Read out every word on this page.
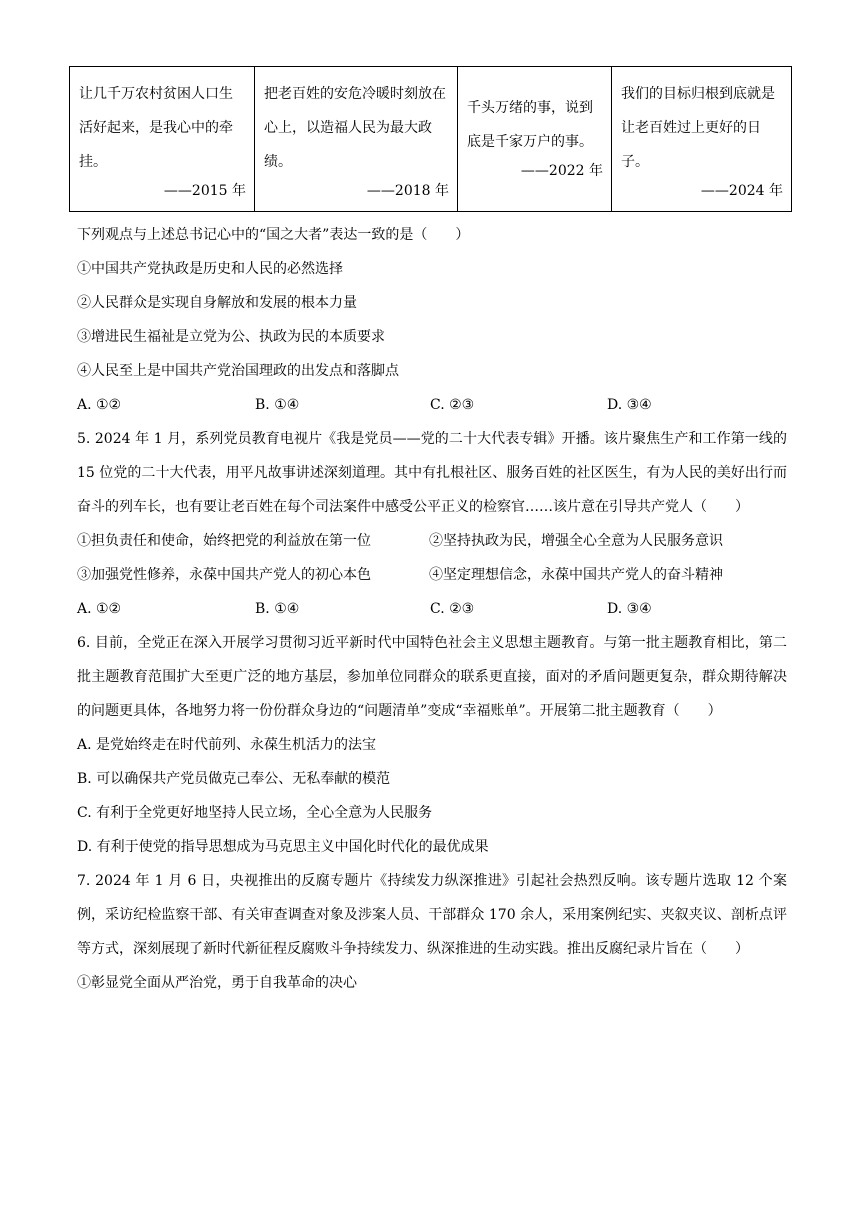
让几千万农村贫困人口生活好起来，是我心中的牵挂。
——2015 年

把老百姓的安危冷暖时刻放在心上，以造福人民为最大政绩。
——2018 年

千头万绪的事，说到底是千家万户的事。
——2022 年

我们的目标归根到底就是让老百姓过上更好的日子。
——2024 年
下列观点与上述总书记心中的“国之大者”表达一致的是（　　）
①中国共产党执政是历史和人民的必然选择
②人民群众是实现自身解放和发展的根本力量
③增进民生福祉是立党为公、执政为民的本质要求
④人民至上是中国共产党治国理政的出发点和落脚点
A. ①②	B. ①④	C. ②③	D. ③④
5. 2024 年 1 月，系列党员教育电视片《我是党员——党的二十大代表专辑》开播。该片聚焦生产和工作第一线的 15 位党的二十大代表，用平凡故事讲述深刻道理。其中有扎根社区、服务百姓的社区医生，有为人民的美好出行而奋斗的列车长，也有要让老百姓在每个司法案件中感受公平正义的检察官……该片意在引导共产党人（　　）
①担负责任和使命，始终把党的利益放在第一位	②坚持执政为民，增强全心全意为人民服务意识
③加强党性修养，永葆中国共产党人的初心本色	④坚定理想信念，永葆中国共产党人的奋斗精神
A. ①②	B. ①④	C. ②③	D. ③④
6. 目前，全党正在深入开展学习贯彻习近平新时代中国特色社会主义思想主题教育。与第一批主题教育相比，第二批主题教育范围扩大至更广泛的地方基层，参加单位同群众的联系更直接，面对的矛盾问题更复杂，群众期待解决的问题更具体，各地努力将一份份群众身边的“问题清单”变成“幸福账单”。开展第二批主题教育（　　）
A. 是党始终走在时代前列、永葆生机活力的法宝
B. 可以确保共产党员做克己奉公、无私奉献的模范
C. 有利于全党更好地坚持人民立场，全心全意为人民服务
D. 有利于使党的指导思想成为马克思主义中国化时代化的最优成果
7. 2024 年 1 月 6 日，央视推出的反腐专题片《持续发力纵深推进》引起社会热烈反响。该专题片选取 12 个案例，采访纪检监察干部、有关审查调查对象及涉案人员、干部群众 170 余人，采用案例纪实、夹叙夹议、剖析点评等方式，深刻展现了新时代新征程反腐败斗争持续发力、纵深推进的生动实践。推出反腐纪录片旨在（　　）
①彰显党全面从严治党，勇于自我革命的决心
